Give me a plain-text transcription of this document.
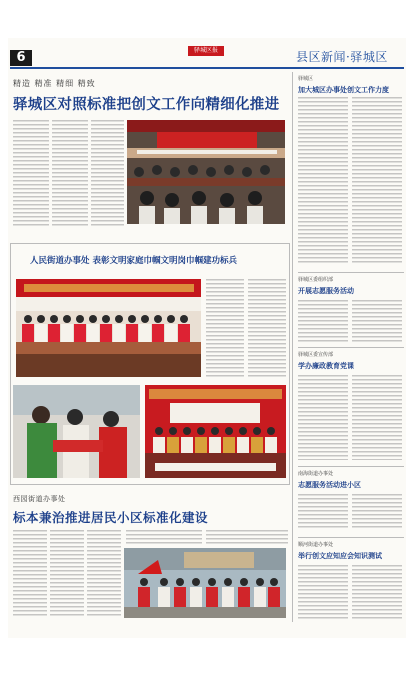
6
	驿城区报
	县区新闻·驿城区
精造 精准 精细 精致
驿城区对照标准把创文工作向精细化推进

驿城区
加大城区办事处创文工作力度
驿城区委组织部
开展志愿服务活动
驿城区委宣传部
学办廉政教育党课
南海街道办事处
志愿服务活动进小区
顺河街道办事处
举行创文应知应会知识测试
人民街道办事处 表彰文明家庭巾帼文明岗巾帼建功标兵

西园街道办事处
标本兼治推进居民小区标准化建设
